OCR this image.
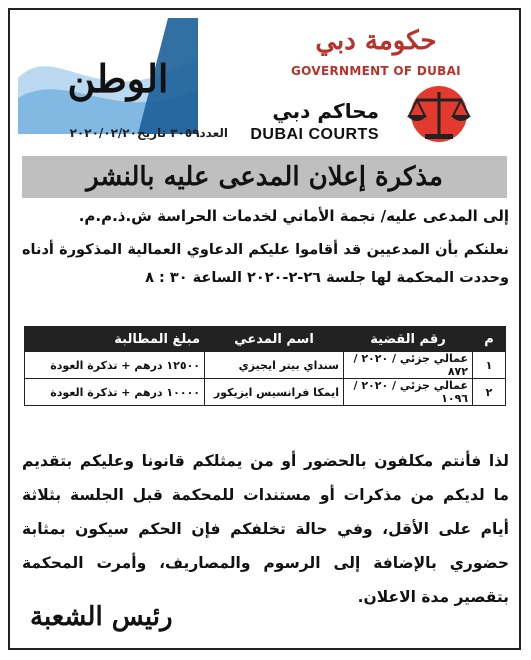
الوطن
العدد٣٠٥٩ تاريخ٢٠٢٠/٠٢/٢٠
حكومة دبي
GOVERNMENT OF DUBAI
محاكم دبي
DUBAI COURTS
مذكرة إعلان المدعى عليه بالنشر
إلى المدعى عليه/ نجمة الأماني لخدمات الحراسة ش.ذ.م.م.
نعلنكم بأن المدعيين قد أقاموا عليكم الدعاوي العمالية المذكورة أدناه وحددت المحكمة لها جلسة ٢٦-٢-٢٠٢٠ الساعة ٣٠ : ٨
م	رقم القضية	اسم المدعي	مبلغ المطالبة
١	عمالي جزئي / ٢٠٢٠ / ٨٧٢	سنداي بيتر ايجيزي	١٢٥٠٠ درهم + تذكرة العودة
٢	عمالي جزئي / ٢٠٢٠ / ١٠٩٦	ايمكا فرانسيس ايزيكور	١٠٠٠٠ درهم + تذكرة العودة
لذا فأنتم مكلفون بالحضور أو من يمثلكم قانونا وعليكم بتقديم ما لديكم من مذكرات أو مستندات للمحكمة قبل الجلسة بثلاثة أيام على الأقل، وفي حالة تخلفكم فإن الحكم سيكون بمثابة حضوري بالإضافة إلى الرسوم والمصاريف، وأمرت المحكمة بتقصير مدة الاعلان.
رئيس الشعبة
